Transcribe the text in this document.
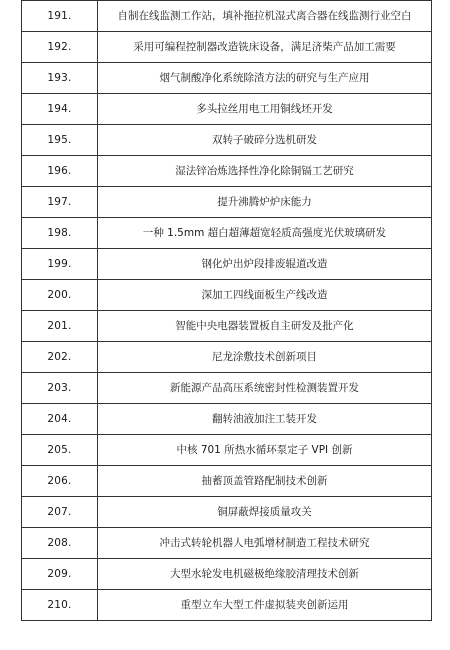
191.	自制在线监测工作站，填补拖拉机湿式离合器在线监测行业空白
192.	采用可编程控制器改造铣床设备，满足济柴产品加工需要
193.	烟气制酸净化系统除渣方法的研究与生产应用
194.	多头拉丝用电工用铜线坯开发
195.	双转子破碎分选机研发
196.	湿法锌冶炼选择性净化除铜镉工艺研究
197.	提升沸腾炉炉床能力
198.	一种 1.5mm 超白超薄超宽轻质高强度光伏玻璃研发
199.	钢化炉出炉段排废辊道改造
200.	深加工四线面板生产线改造
201.	智能中央电器装置板自主研发及批产化
202.	尼龙涂敷技术创新项目
203.	新能源产品高压系统密封性检测装置开发
204.	翻转油液加注工装开发
205.	中核 701 所热水循环泵定子 VPI 创新
206.	抽蓄顶盖管路配制技术创新
207.	铜屏蔽焊接质量攻关
208.	冲击式转轮机器人电弧增材制造工程技术研究
209.	大型水轮发电机磁极绝缘胶清理技术创新
210.	重型立车大型工件虚拟装夹创新运用
